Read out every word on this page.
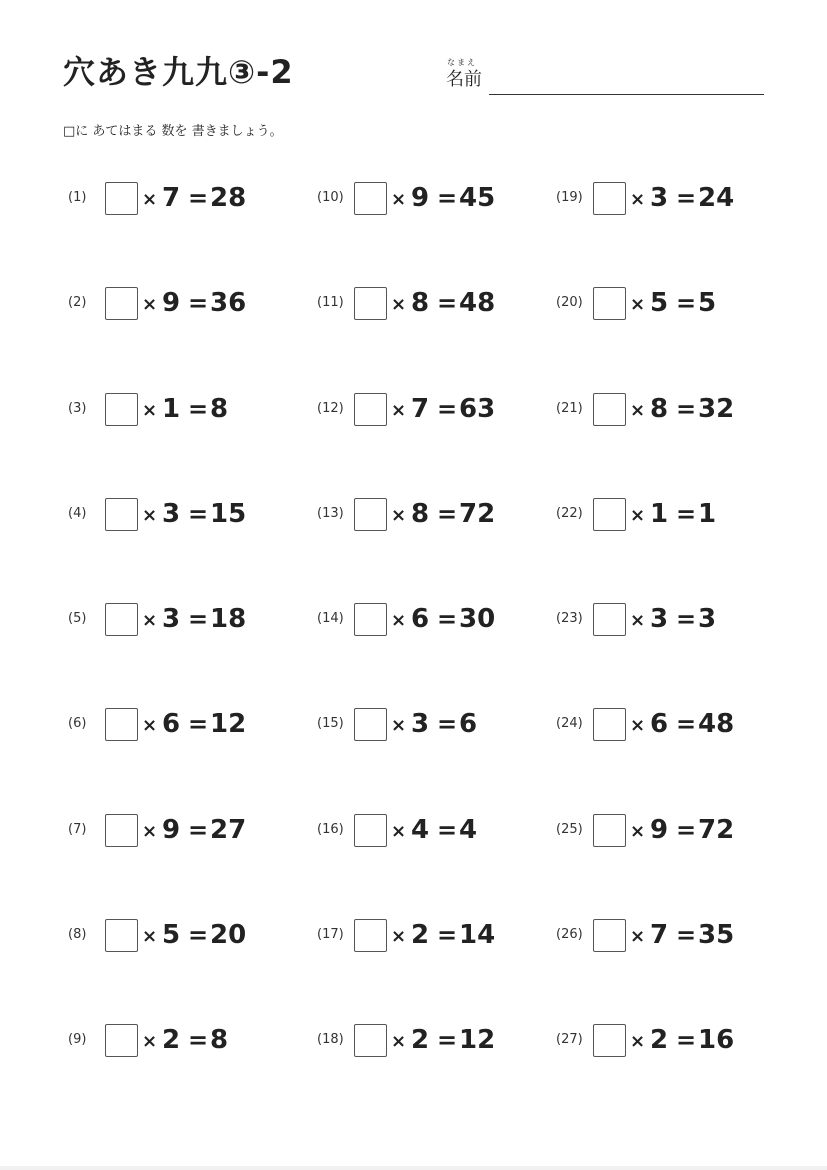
穴あき九九③-2	なまえ
名前
□に あてはまる 数を 書きましょう。
(1)	× 7 = 28	(10)	× 9 = 45	(19)	× 3 = 24
(2)	× 9 = 36	(11)	× 8 = 48	(20)	× 5 = 5
(3)	× 1 = 8	(12)	× 7 = 63	(21)	× 8 = 32
(4)	× 3 = 15	(13)	× 8 = 72	(22)	× 1 = 1
(5)	× 3 = 18	(14)	× 6 = 30	(23)	× 3 = 3
(6)	× 6 = 12	(15)	× 3 = 6	(24)	× 6 = 48
(7)	× 9 = 27	(16)	× 4 = 4	(25)	× 9 = 72
(8)	× 5 = 20	(17)	× 2 = 14	(26)	× 7 = 35
(9)	× 2 = 8	(18)	× 2 = 12	(27)	× 2 = 16
